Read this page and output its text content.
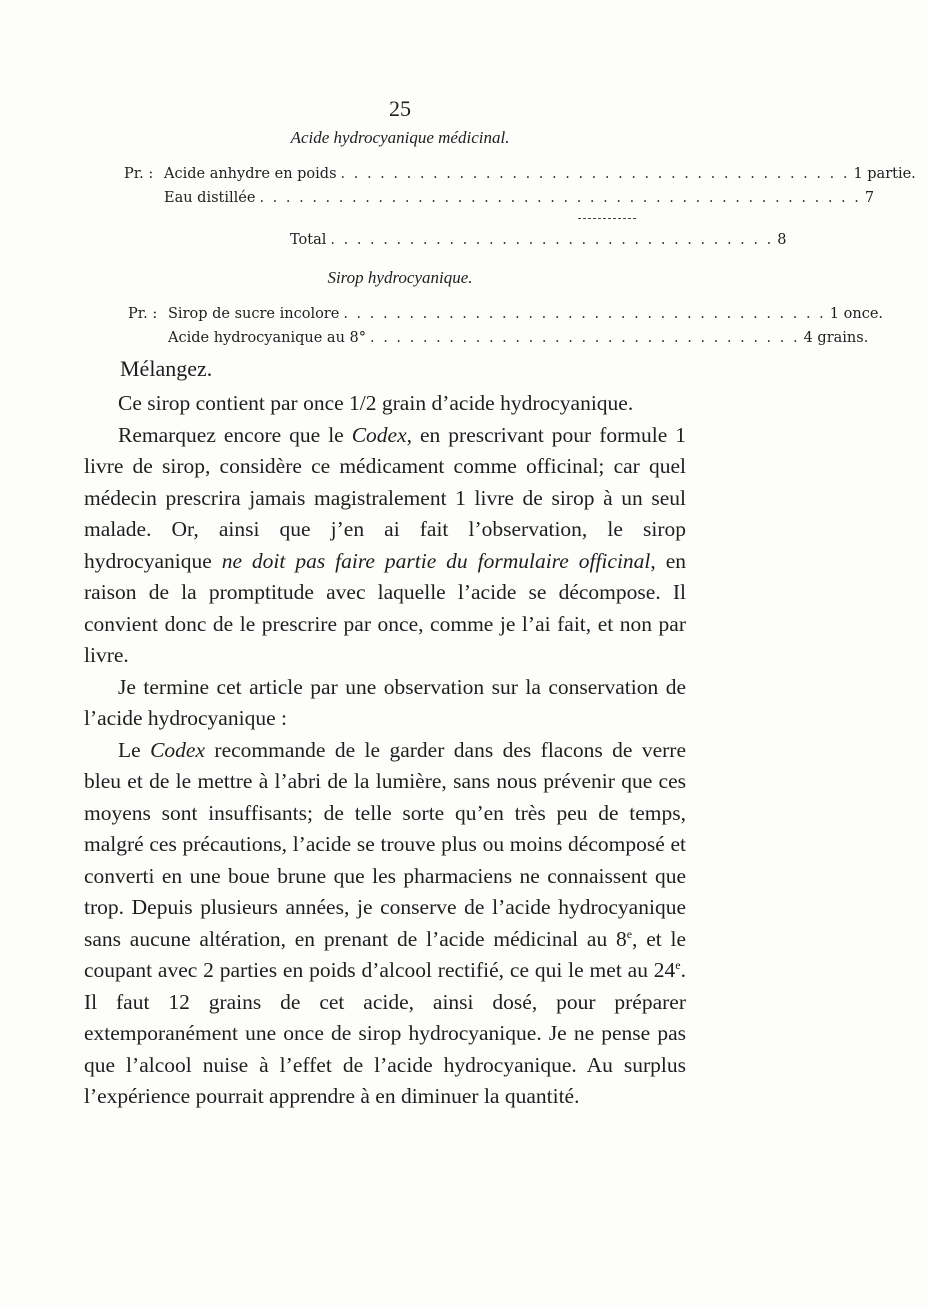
25
Acide hydrocyanique médicinal.
Pr. : Acide anhydre en poids . . . . . . . . . . . . . . . . . . . . . . . . . . . . . . . . . . . . . . . 1 partie.
Eau distillée . . . . . . . . . . . . . . . . . . . . . . . . . . . . . . . . . . . . . . . . . . . . . . 7
Total . . . . . . . . . . . . . . . . . . . . . . . . . . . . . . . . . . 8
Sirop hydrocyanique.
Pr. : Sirop de sucre incolore . . . . . . . . . . . . . . . . . . . . . . . . . . . . . . . . . . . . . 1 once.
Acide hydrocyanique au 8° . . . . . . . . . . . . . . . . . . . . . . . . . . . . . . . . . 4 grains.
Mélangez.

Ce sirop contient par once 1/2 grain d’acide hydrocyanique.

Remarquez encore que le Codex, en prescrivant pour formule 1 livre de sirop, considère ce médicament comme officinal; car quel médecin prescrira jamais magistralement 1 livre de sirop à un seul malade. Or, ainsi que j’en ai fait l’observation, le sirop hydrocyanique ne doit pas faire partie du formulaire officinal, en raison de la promptitude avec laquelle l’acide se décompose. Il convient donc de le prescrire par once, comme je l’ai fait, et non par livre.

Je termine cet article par une observation sur la conservation de l’acide hydrocyanique :

Le Codex recommande de le garder dans des flacons de verre bleu et de le mettre à l’abri de la lumière, sans nous prévenir que ces moyens sont insuffisants; de telle sorte qu’en très peu de temps, malgré ces précautions, l’acide se trouve plus ou moins décomposé et converti en une boue brune que les pharmaciens ne connaissent que trop. Depuis plusieurs années, je conserve de l’acide hydrocyanique sans aucune altération, en prenant de l’acide médicinal au 8e, et le coupant avec 2 parties en poids d’alcool rectifié, ce qui le met au 24e. Il faut 12 grains de cet acide, ainsi dosé, pour préparer extemporanément une once de sirop hydrocyanique. Je ne pense pas que l’alcool nuise à l’effet de l’acide hydrocyanique. Au surplus l’expérience pourrait apprendre à en diminuer la quantité.
